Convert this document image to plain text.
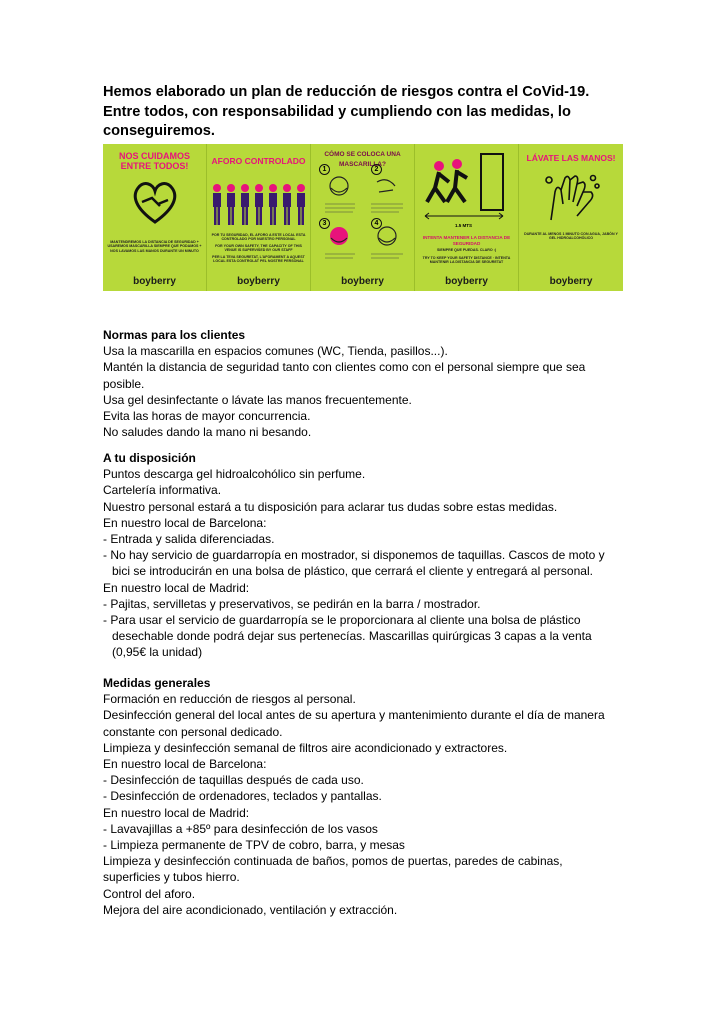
Hemos elaborado un plan de reducción de riesgos contra el CoVid-19. Entre todos, con responsabilidad y cumpliendo con las medidas, lo conseguiremos.
NOS CUIDAMOS ENTRE TODOS!
MANTENDREMOS LA DISTANCIA DE SEGURIDAD + USAREMOS MASCARILLA SIEMPRE QUE PODAMOS + NOS LAVAMOS LAS MANOS DURANTE UN MINUTO
boyberry
AFORO CONTROLADO
POR TU SEGURIDAD, EL AFORO A ESTE LOCAL ESTA CONTROLADO POR NUESTRO PERSONAL
FOR YOUR OWN SAFETY, THE CAPACITY OF THIS VENUE IS SUPERVISED BY OUR STAFF
PER LA TEVA SEGURETAT, L'AFORAMENT A AQUEST LOCAL ESTA CONTROLAT PEL NOSTRE PERSONAL
boyberry
CÓMO SE COLOCA UNA MASCARILLA?
1	2
3	4
boyberry
1.5 MTS
INTENTA MANTENER LA DISTANCIA DE SEGURIDAD
SIEMPRE QUE PUEDAS. CLARO :)
TRY TO KEEP YOUR SAFETY DISTANCE · INTENTA MANTENIR LA DISTANCIA DE SEGURETAT
boyberry
LÁVATE LAS MANOS!
DURANTE AL MENOS 1 MINUTO CON AGUA, JABÓN Y GEL HIDROALCOHÓLICO
boyberry
Normas para los clientes

Usa la mascarilla en espacios comunes (WC, Tienda, pasillos...).

Mantén la distancia de seguridad tanto con clientes como con el personal siempre que sea posible.

Usa gel desinfectante o lávate las manos frecuentemente.

Evita las horas de mayor concurrencia.

No saludes dando la mano ni besando.

A tu disposición

Puntos descarga gel hidroalcohólico sin perfume.

Cartelería informativa.

Nuestro personal estará a tu disposición para aclarar tus dudas sobre estas medidas.

En nuestro local de Barcelona:

- Entrada y salida diferenciadas.

- No hay servicio de guardarropía en mostrador, si disponemos de taquillas. Cascos de moto y bici se introducirán en una bolsa de plástico, que cerrará el cliente y entregará al personal.

En nuestro local de Madrid:

- Pajitas, servilletas y preservativos, se pedirán en la barra / mostrador.

- Para usar el servicio de guardarropía se le proporcionara al cliente una bolsa de plástico desechable donde podrá dejar sus pertenecías. Mascarillas quirúrgicas 3 capas a la venta (0,95€ la unidad)

Medidas generales

Formación en reducción de riesgos al personal.

Desinfección general del local antes de su apertura y mantenimiento durante el día de manera constante con personal dedicado.

Limpieza y desinfección semanal de filtros aire acondicionado y extractores.

En nuestro local de Barcelona:

- Desinfección de taquillas después de cada uso.

- Desinfección de ordenadores, teclados y pantallas.

En nuestro local de Madrid:

- Lavavajillas a +85º para desinfección de los vasos

- Limpieza permanente de TPV de cobro, barra, y mesas

Limpieza y desinfección continuada de baños, pomos de puertas, paredes de cabinas, superficies y tubos hierro.

Control del aforo.

Mejora del aire acondicionado, ventilación y extracción.
